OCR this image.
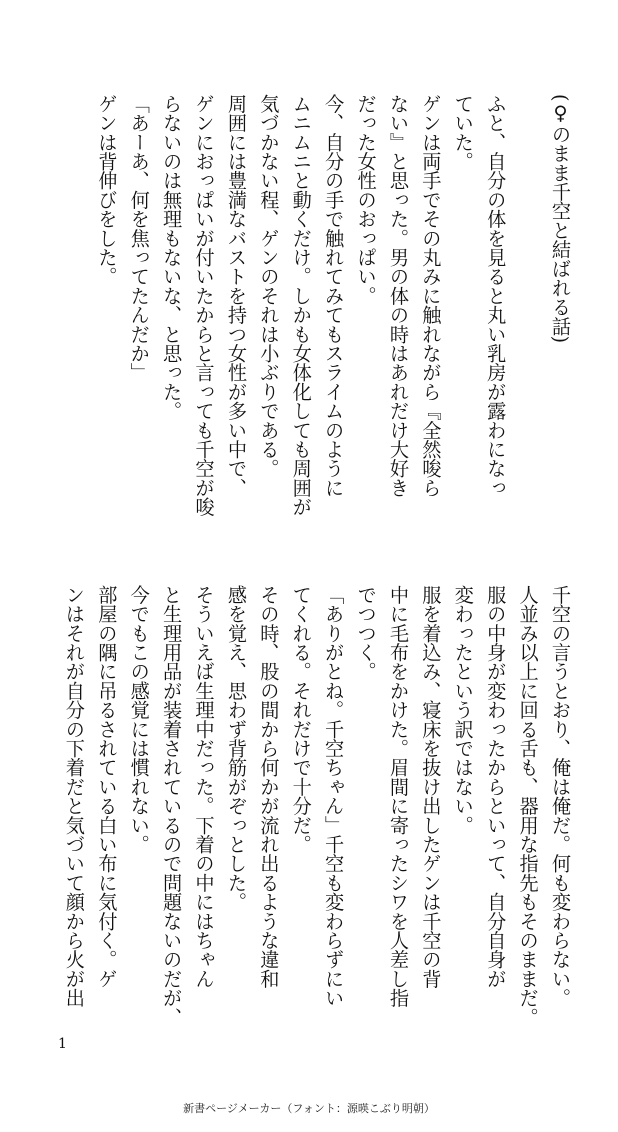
(♀のまま千空と結ばれる話)

ふと、自分の体を見ると丸い乳房が露わになっ
ていた。
ゲンは両手でその丸みに触れながら『全然唆ら
ない』と思った。男の体の時はあれだけ大好き
だった女性のおっぱい。
今、自分の手で触れてみてもスライムのように
ムニムニと動くだけ。しかも女体化しても周囲が
気づかない程、ゲンのそれは小ぶりである。
周囲には豊満なバストを持つ女性が多い中で、
ゲンにおっぱいが付いたからと言っても千空が唆
らないのは無理もないな、と思った。
「あーあ、何を焦ってたんだか」
ゲンは背伸びをした。
千空の言うとおり、俺は俺だ。何も変わらない。
人並み以上に回る舌も、器用な指先もそのままだ。
服の中身が変わったからといって、自分自身が
変わったという訳ではない。
服を着込み、寝床を抜け出したゲンは千空の背
中に毛布をかけた。眉間に寄ったシワを人差し指
でつつく。
「ありがとね。千空ちゃん」千空も変わらずにい
てくれる。それだけで十分だ。
その時、股の間から何かが流れ出るような違和
感を覚え、思わず背筋がぞっとした。
そういえば生理中だった。下着の中にはちゃん
と生理用品が装着されているので問題ないのだが、
今でもこの感覚には慣れない。
部屋の隅に吊るされている白い布に気付く。ゲ
ンはそれが自分の下着だと気づいて顔から火が出
1
新書ページメーカー（フォント：源暎こぶり明朝）
